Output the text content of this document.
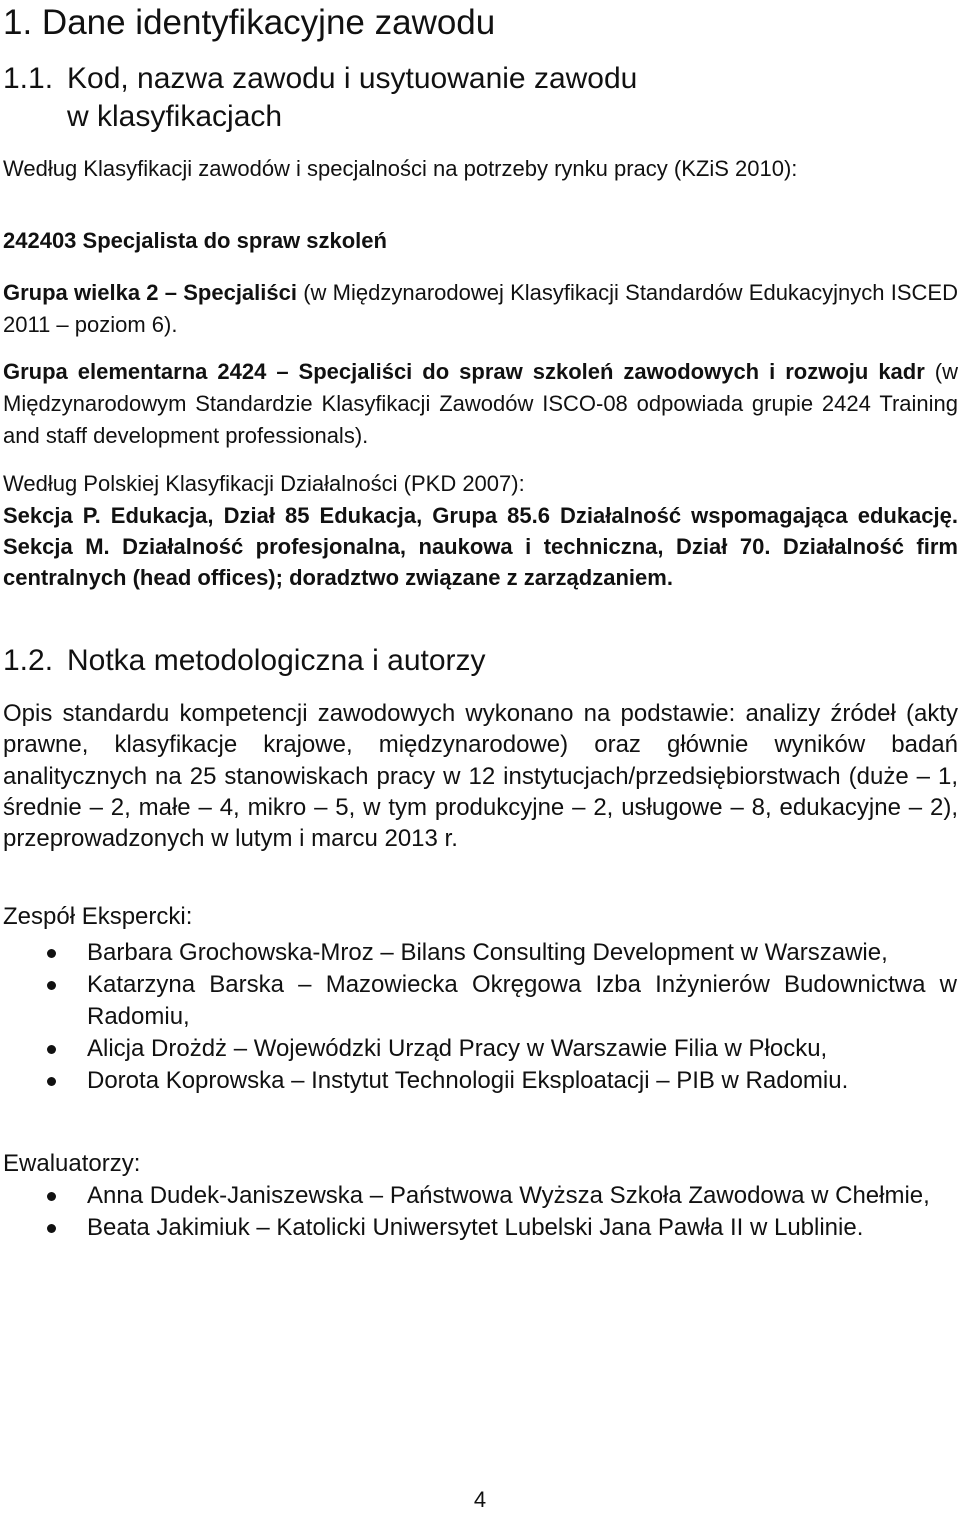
1. Dane identyfikacyjne zawodu
1.1. Kod, nazwa zawodu i usytuowanie zawodu
w klasyfikacjach

Według Klasyfikacji zawodów i specjalności na potrzeby rynku pracy (KZiS 2010):

242403 Specjalista do spraw szkoleń

Grupa wielka 2 – Specjaliści (w Międzynarodowej Klasyfikacji Standardów Edukacyjnych ISCED 2011 – poziom 6).

Grupa elementarna 2424 – Specjaliści do spraw szkoleń zawodowych i rozwoju kadr (w Międzynarodowym Standardzie Klasyfikacji Zawodów ISCO-08 odpowiada grupie 2424 Training and staff development professionals).

Według Polskiej Klasyfikacji Działalności (PKD 2007):

Sekcja P. Edukacja, Dział 85 Edukacja, Grupa 85.6 Działalność wspomagająca edukację. Sekcja M. Działalność profesjonalna, naukowa i techniczna, Dział 70. Działalność firm centralnych (head offices); doradztwo związane z zarządzaniem.

1.2. Notka metodologiczna i autorzy

Opis standardu kompetencji zawodowych wykonano na podstawie: analizy źródeł (akty prawne, klasyfikacje krajowe, międzynarodowe) oraz głównie wyników badań analitycznych na 25 stanowiskach pracy w 12 instytucjach/przedsiębiorstwach (duże – 1, średnie – 2, małe – 4, mikro – 5, w tym produkcyjne – 2, usługowe – 8, edukacyjne – 2), przeprowadzonych w lutym i marcu 2013 r.

Zespół Ekspercki:

Barbara Grochowska-Mroz – Bilans Consulting Development w Warszawie,
Katarzyna Barska – Mazowiecka Okręgowa Izba Inżynierów Budownictwa w Radomiu,
Alicja Drożdż – Wojewódzki Urząd Pracy w Warszawie Filia w Płocku,
Dorota Koprowska – Instytut Technologii Eksploatacji – PIB w Radomiu.

Ewaluatorzy:

Anna Dudek-Janiszewska – Państwowa Wyższa Szkoła Zawodowa w Chełmie,
Beata Jakimiuk – Katolicki Uniwersytet Lubelski Jana Pawła II w Lublinie.
4
